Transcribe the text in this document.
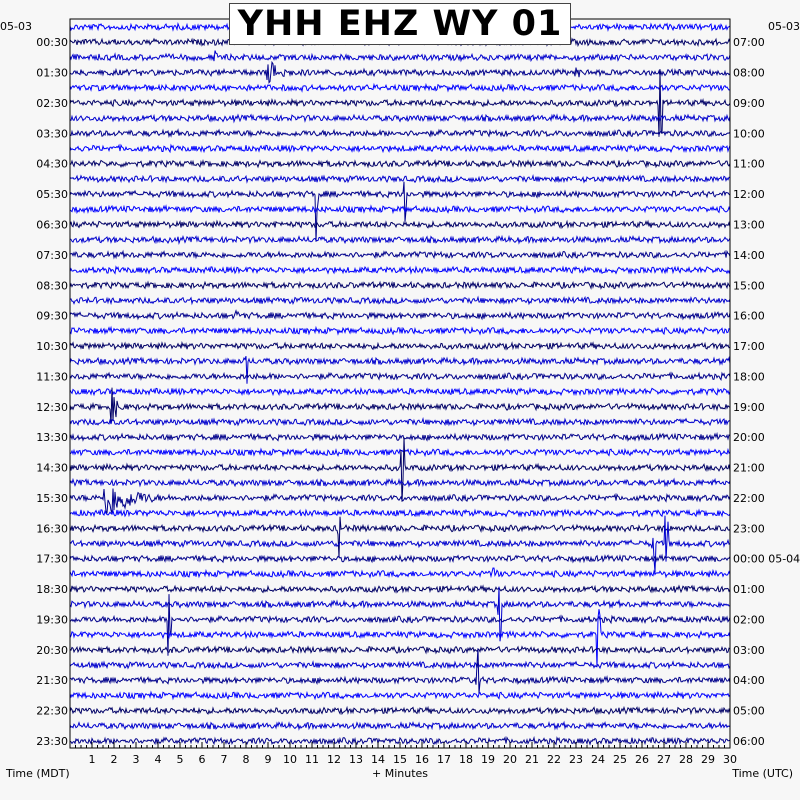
1 2 3 4 5 6 7 8 9 10 11 12 13 14 15 16 17 18 19 20 21 22 23 24 25 26 27 28 29 30
00:30
01:30
02:30
03:30
04:30
05:30
06:30
07:30
08:30
09:30
10:30
11:30
12:30
13:30
14:30
15:30
16:30
17:30
18:30
19:30
20:30
21:30
22:30
23:30
07:00
08:00
09:00
10:00
11:00
12:00
13:00
14:00
15:00
16:00
17:00
18:00
19:00
20:00
21:00
22:00
23:00
00:00 05-04
01:00
02:00
03:00
04:00
05:00
06:00
+ Minutes
Time (MDT)	Time (UTC)
05-03	05-03
YHH EHZ WY 01
